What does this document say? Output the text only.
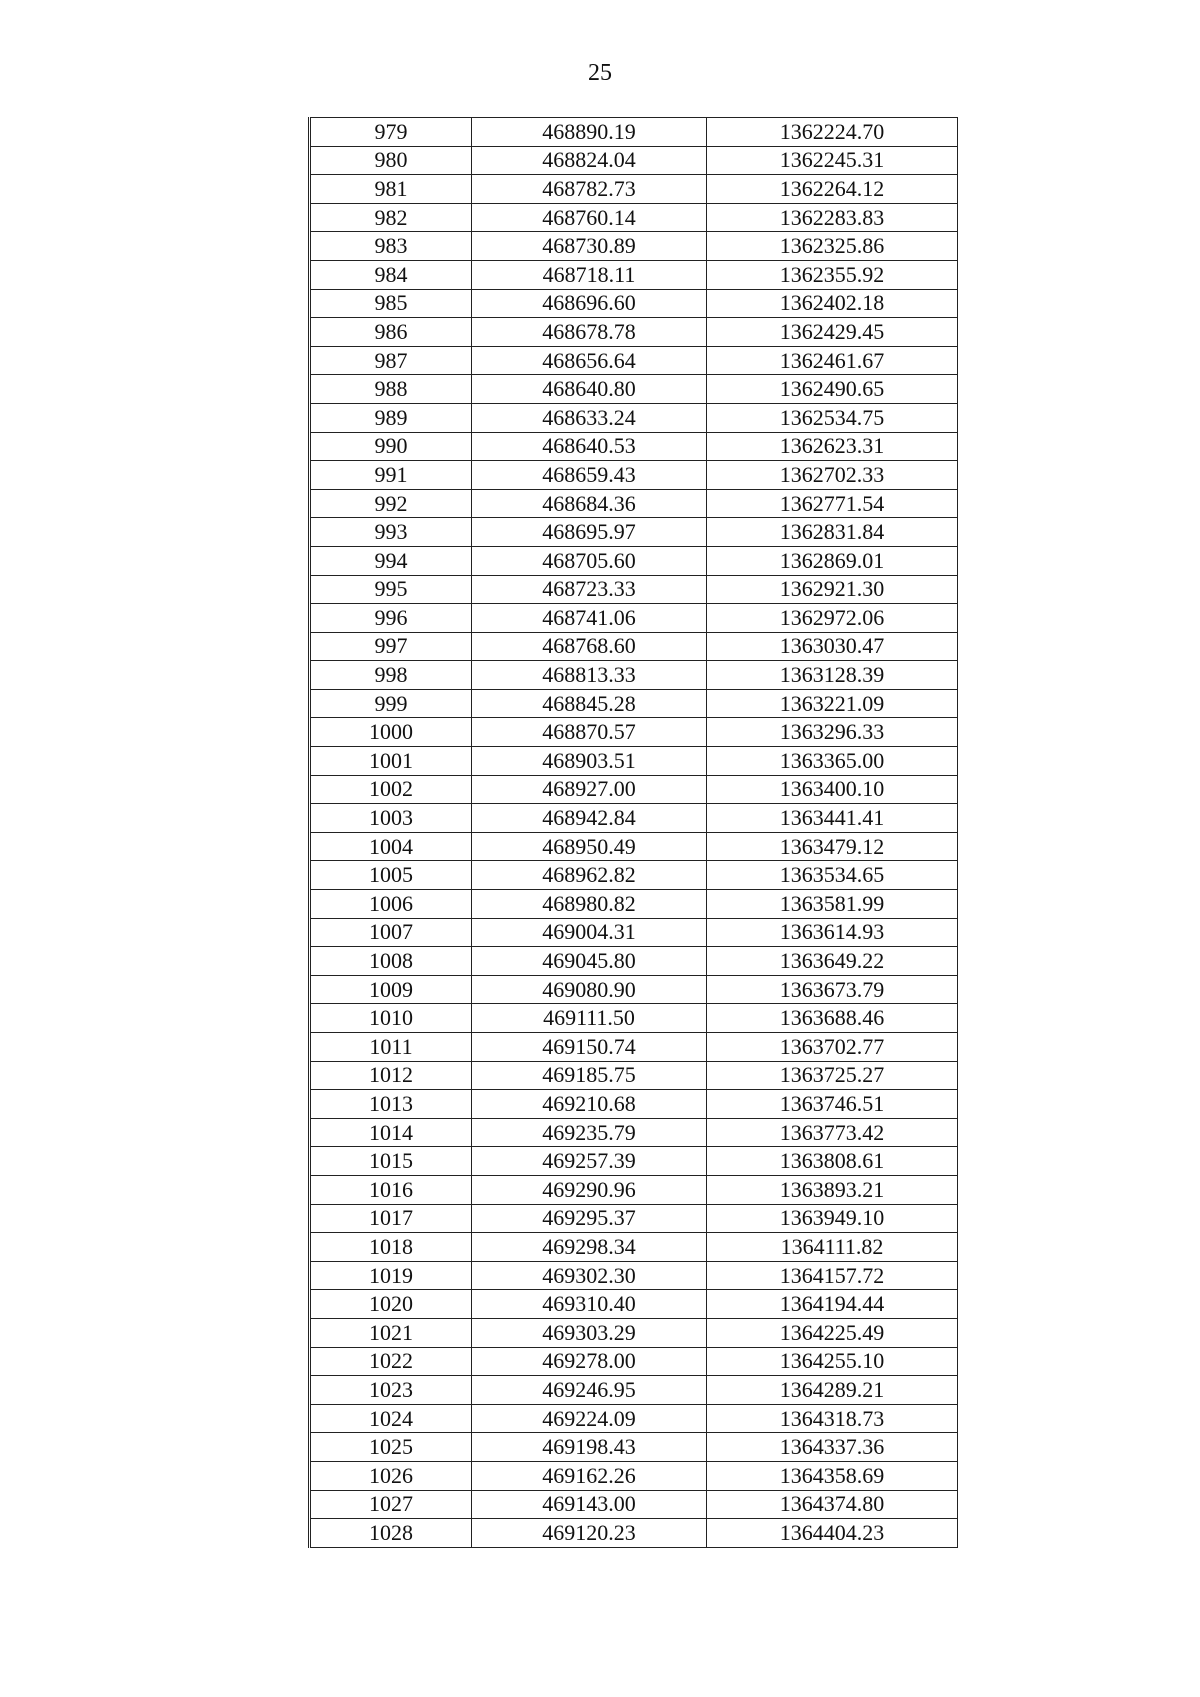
25
979	468890.19	1362224.70
980	468824.04	1362245.31
981	468782.73	1362264.12
982	468760.14	1362283.83
983	468730.89	1362325.86
984	468718.11	1362355.92
985	468696.60	1362402.18
986	468678.78	1362429.45
987	468656.64	1362461.67
988	468640.80	1362490.65
989	468633.24	1362534.75
990	468640.53	1362623.31
991	468659.43	1362702.33
992	468684.36	1362771.54
993	468695.97	1362831.84
994	468705.60	1362869.01
995	468723.33	1362921.30
996	468741.06	1362972.06
997	468768.60	1363030.47
998	468813.33	1363128.39
999	468845.28	1363221.09
1000	468870.57	1363296.33
1001	468903.51	1363365.00
1002	468927.00	1363400.10
1003	468942.84	1363441.41
1004	468950.49	1363479.12
1005	468962.82	1363534.65
1006	468980.82	1363581.99
1007	469004.31	1363614.93
1008	469045.80	1363649.22
1009	469080.90	1363673.79
1010	469111.50	1363688.46
1011	469150.74	1363702.77
1012	469185.75	1363725.27
1013	469210.68	1363746.51
1014	469235.79	1363773.42
1015	469257.39	1363808.61
1016	469290.96	1363893.21
1017	469295.37	1363949.10
1018	469298.34	1364111.82
1019	469302.30	1364157.72
1020	469310.40	1364194.44
1021	469303.29	1364225.49
1022	469278.00	1364255.10
1023	469246.95	1364289.21
1024	469224.09	1364318.73
1025	469198.43	1364337.36
1026	469162.26	1364358.69
1027	469143.00	1364374.80
1028	469120.23	1364404.23
